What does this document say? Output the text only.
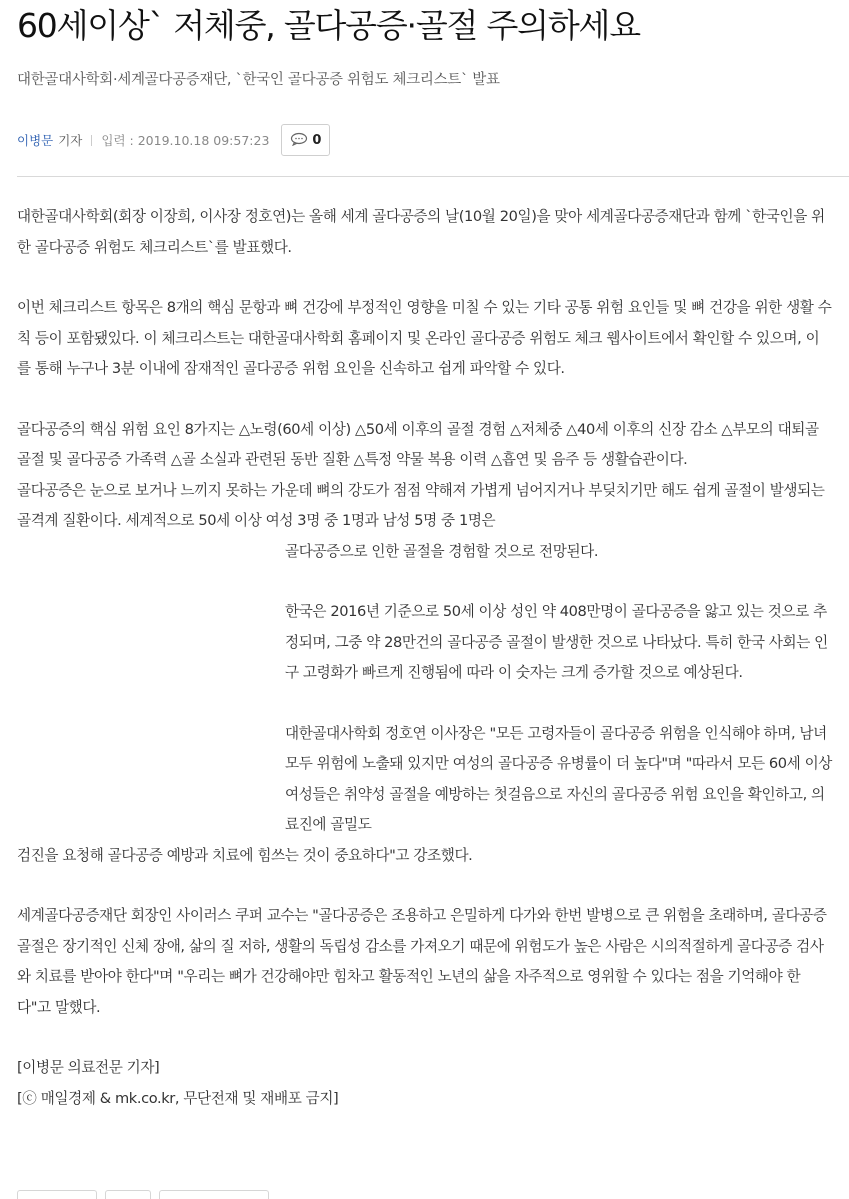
60세이상` 저체중, 골다공증·골절 주의하세요

대한골대사학회·세계골다공증재단, `한국인 골다공증 위험도 체크리스트` 발표

이병문 기자 입력 : 2019.10.18 09:57:23	0

대한골대사학회(회장 이장희, 이사장 정호연)는 올해 세계 골다공증의 날(10월 20일)을 맞아 세계골다공증재단과 함께 `한국인을 위한 골다공증 위험도 체크리스트`를 발표했다.

이번 체크리스트 항목은 8개의 핵심 문항과 뼈 건강에 부정적인 영향을 미칠 수 있는 기타 공통 위험 요인들 및 뼈 건강을 위한 생활 수칙 등이 포함됐있다. 이 체크리스트는 대한골대사학회 홈페이지 및 온라인 골다공증 위험도 체크 웹사이트에서 확인할 수 있으며, 이를 통해 누구나 3분 이내에 잠재적인 골다공증 위험 요인을 신속하고 쉽게 파악할 수 있다.

골다공증의 핵심 위험 요인 8가지는 △노령(60세 이상) △50세 이후의 골절 경험 △저체중 △40세 이후의 신장 감소 △부모의 대퇴골 골절 및 골다공증 가족력 △골 소실과 관련된 동반 질환 △특정 약물 복용 이력 △흡연 및 음주 등 생활습관이다.

골다공증은 눈으로 보거나 느끼지 못하는 가운데 뼈의 강도가 점점 약해져 가볍게 넘어지거나 부딪치기만 해도 쉽게 골절이 발생되는 골격계 질환이다. 세계적으로 50세 이상 여성 3명 중 1명과 남성 5명 중 1명은

골다공증으로 인한 골절을 경험할 것으로 전망된다.

한국은 2016년 기준으로 50세 이상 성인 약 408만명이 골다공증을 앓고 있는 것으로 추정되며, 그중 약 28만건의 골다공증 골절이 발생한 것으로 나타났다. 특히 한국 사회는 인구 고령화가 빠르게 진행됨에 따라 이 숫자는 크게 증가할 것으로 예상된다.

대한골대사학회 정호연 이사장은 "모든 고령자들이 골다공증 위험을 인식해야 하며, 남녀 모두 위험에 노출돼 있지만 여성의 골다공증 유병률이 더 높다"며 "따라서 모든 60세 이상 여성들은 취약성 골절을 예방하는 첫걸음으로 자신의 골다공증 위험 요인을 확인하고, 의료진에 골밀도

검진을 요청해 골다공증 예방과 치료에 힘쓰는 것이 중요하다"고 강조했다.

세계골다공증재단 회장인 사이러스 쿠퍼 교수는 "골다공증은 조용하고 은밀하게 다가와 한번 발병으로 큰 위험을 초래하며, 골다공증 골절은 장기적인 신체 장애, 삶의 질 저하, 생활의 독립성 감소를 가져오기 때문에 위험도가 높은 사람은 시의적절하게 골다공증 검사와 치료를 받아야 한다"며 "우리는 뼈가 건강해야만 힘차고 활동적인 노년의 삶을 자주적으로 영위할 수 있다는 점을 기억해야 한다"고 말했다.

[이병문 의료전문 기자]

[ⓒ 매일경제 & mk.co.kr, 무단전재 및 재배포 금지]
